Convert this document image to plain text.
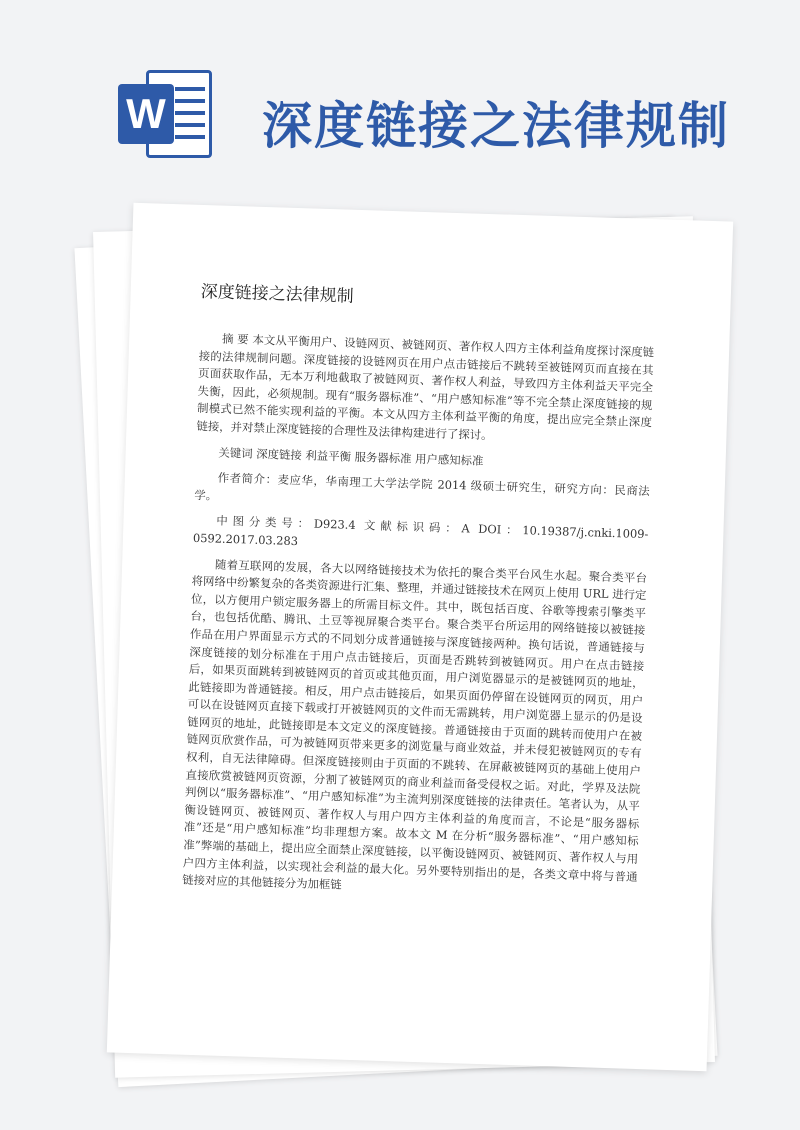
W 深度链接之法律规制
深度链接之法律规制

摘 要 本文从平衡用户、设链网页、被链网页、著作权人四方主体利益角度探讨深度链接的法律规制问题。深度链接的设链网页在用户点击链接后不跳转至被链网页而直接在其页面获取作品，无本万利地截取了被链网页、著作权人利益，导致四方主体利益天平完全失衡，因此，必须规制。现有“服务器标准”、“用户感知标准”等不完全禁止深度链接的规制模式已然不能实现利益的平衡。本文从四方主体利益平衡的角度，提出应完全禁止深度链接，并对禁止深度链接的合理性及法律构建进行了探讨。

关键词 深度链接 利益平衡 服务器标准 用户感知标准

作者简介：麦应华，华南理工大学法学院 2014 级硕士研究生，研究方向：民商法学。

中图分类号：D923.4 文献标识码：A DOI：10.19387/j.cnki.1009-0592.2017.03.283

随着互联网的发展，各大以网络链接技术为依托的聚合类平台风生水起。聚合类平台将网络中纷繁复杂的各类资源进行汇集、整理，并通过链接技术在网页上使用 URL 进行定位，以方便用户锁定服务器上的所需目标文件。其中，既包括百度、谷歌等搜索引擎类平台，也包括优酷、腾讯、土豆等视屏聚合类平台。聚合类平台所运用的网络链接以被链接作品在用户界面显示方式的不同划分成普通链接与深度链接两种。换句话说，普通链接与深度链接的划分标准在于用户点击链接后，页面是否跳转到被链网页。用户在点击链接后，如果页面跳转到被链网页的首页或其他页面，用户浏览器显示的是被链网页的地址，此链接即为普通链接。相反，用户点击链接后，如果页面仍停留在设链网页的网页，用户可以在设链网页直接下载或打开被链网页的文件而无需跳转，用户浏览器上显示的仍是设链网页的地址，此链接即是本文定义的深度链接。普通链接由于页面的跳转而使用户在被链网页欣赏作品，可为被链网页带来更多的浏览量与商业效益，并未侵犯被链网页的专有权利，自无法律障碍。但深度链接则由于页面的不跳转、在屏蔽被链网页的基础上使用户直接欣赏被链网页资源，分割了被链网页的商业利益而备受侵权之诟。对此，学界及法院判例以“服务器标准”、“用户感知标准”为主流判别深度链接的法律责任。笔者认为，从平衡设链网页、被链网页、著作权人与用户四方主体利益的角度而言，不论是“服务器标准”还是“用户感知标准”均非理想方案。故本文 M 在分析“服务器标准”、“用户感知标准”弊端的基础上，提出应全面禁止深度链接，以平衡设链网页、被链网页、著作权人与用户四方主体利益，以实现社会利益的最大化。另外要特别指出的是，各类文章中将与普通链接对应的其他链接分为加框链
